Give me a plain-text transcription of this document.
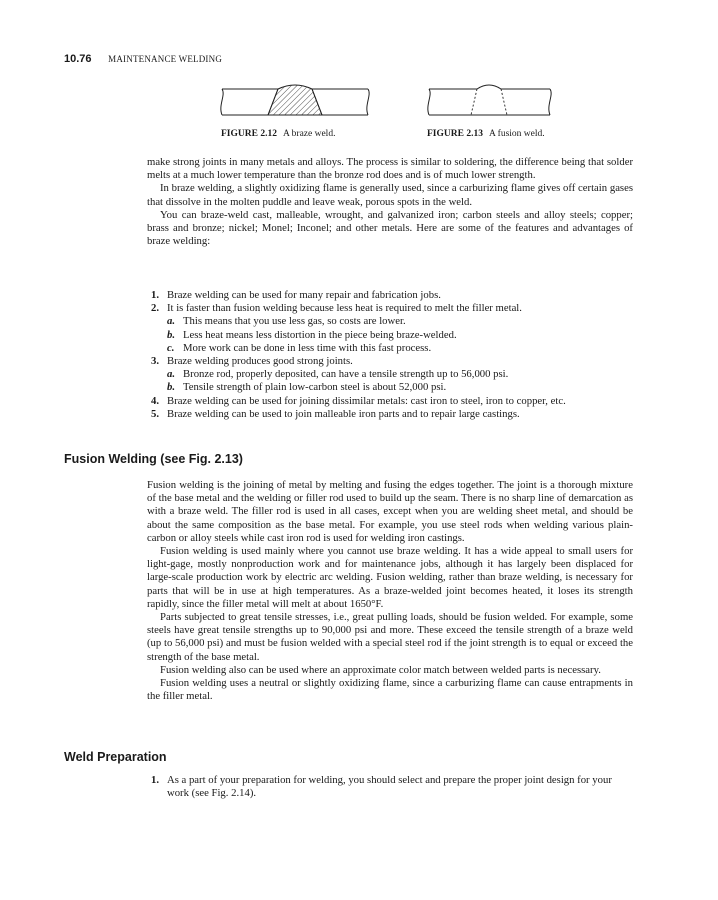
10.76 MAINTENANCE WELDING
FIGURE 2.12 A braze weld.	FIGURE 2.13 A fusion weld.

make strong joints in many metals and alloys. The process is similar to soldering, the difference being that solder melts at a much lower temperature than the bronze rod does and is of much lower strength.

In braze welding, a slightly oxidizing flame is generally used, since a carburizing flame gives off certain gases that dissolve in the molten puddle and leave weak, porous spots in the weld.

You can braze-weld cast, malleable, wrought, and galvanized iron; carbon steels and alloy steels; copper; brass and bronze; nickel; Monel; Inconel; and other metals. Here are some of the features and advantages of braze welding:

1. Braze welding can be used for many repair and fabrication jobs.
2. It is faster than fusion welding because less heat is required to melt the filler metal.
a. This means that you use less gas, so costs are lower.
b. Less heat means less distortion in the piece being braze-welded.
c. More work can be done in less time with this fast process.
3. Braze welding produces good strong joints.
a. Bronze rod, properly deposited, can have a tensile strength up to 56,000 psi.
b. Tensile strength of plain low-carbon steel is about 52,000 psi.
4. Braze welding can be used for joining dissimilar metals: cast iron to steel, iron to copper, etc.
5. Braze welding can be used to join malleable iron parts and to repair large castings.
Fusion Welding (see Fig. 2.13)

Fusion welding is the joining of metal by melting and fusing the edges together. The joint is a thorough mixture of the base metal and the welding or filler rod used to build up the seam. There is no sharp line of demarcation as with a braze weld. The filler rod is used in all cases, except when you are welding sheet metal, and should be about the same composition as the base metal. For example, you use steel rods when welding various plain-carbon or alloy steels while cast iron rod is used for welding iron castings.

Fusion welding is used mainly where you cannot use braze welding. It has a wide appeal to small users for light-gage, mostly nonproduction work and for maintenance jobs, although it has largely been displaced for large-scale production work by electric arc welding. Fusion welding, rather than braze welding, is necessary for parts that will be in use at high temperatures. As a braze-welded joint becomes heated, it loses its strength rapidly, since the filler metal will melt at about 1650°F.

Parts subjected to great tensile stresses, i.e., great pulling loads, should be fusion welded. For example, some steels have great tensile strengths up to 90,000 psi and more. These exceed the tensile strength of a braze weld (up to 56,000 psi) and must be fusion welded with a special steel rod if the joint strength is to equal or exceed the strength of the base metal.

Fusion welding also can be used where an approximate color match between welded parts is necessary.

Fusion welding uses a neutral or slightly oxidizing flame, since a carburizing flame can cause entrapments in the filler metal.

Weld Preparation
1. As a part of your preparation for welding, you should select and prepare the proper joint design for your work (see Fig. 2.14).
